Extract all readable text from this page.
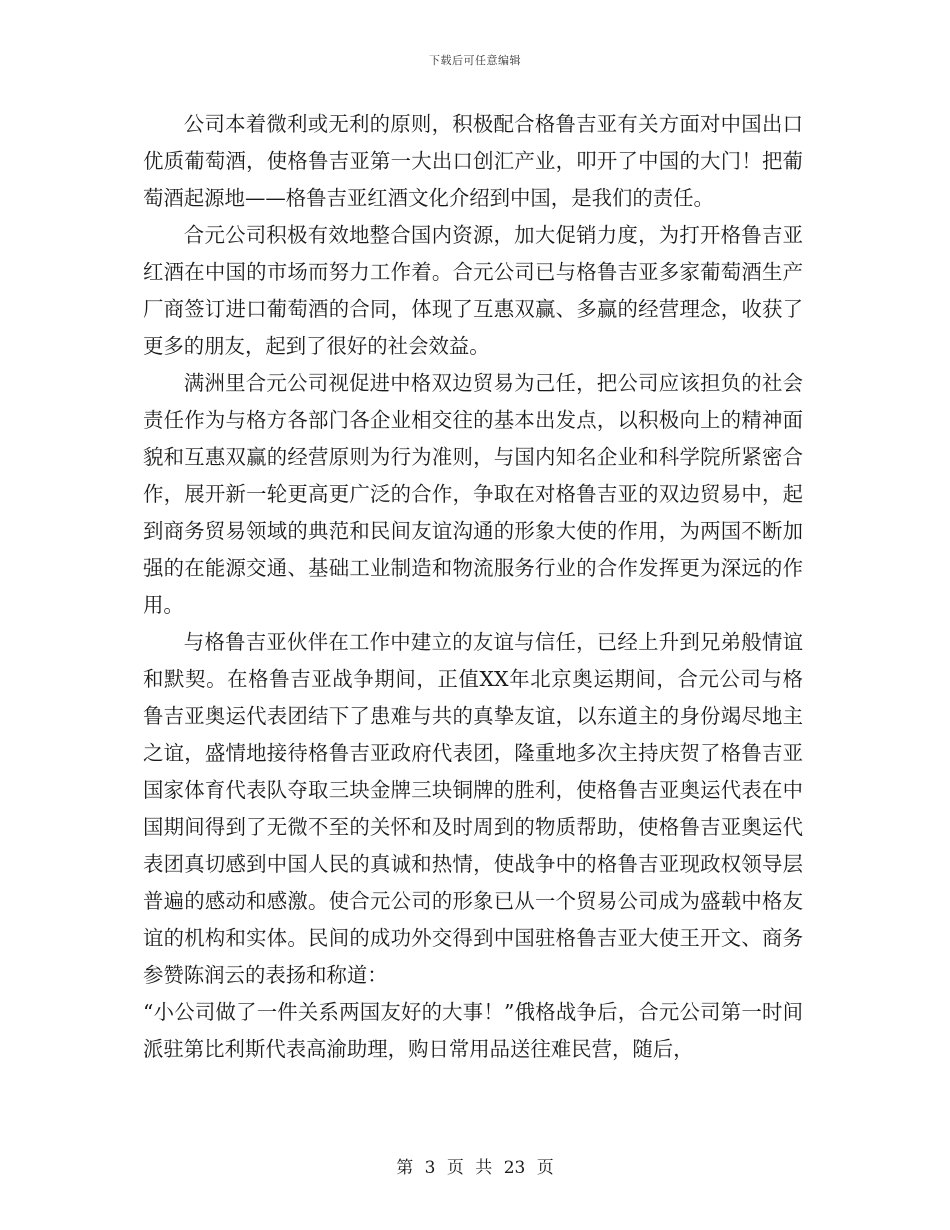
下载后可任意编辑

公司本着微利或无利的原则，积极配合格鲁吉亚有关方面对中国出口优质葡萄酒，使格鲁吉亚第一大出口创汇产业，叩开了中国的大门！把葡萄酒起源地——格鲁吉亚红酒文化介绍到中国，是我们的责任。

合元公司积极有效地整合国内资源，加大促销力度，为打开格鲁吉亚红酒在中国的市场而努力工作着。合元公司已与格鲁吉亚多家葡萄酒生产厂商签订进口葡萄酒的合同，体现了互惠双赢、多赢的经营理念，收获了更多的朋友，起到了很好的社会效益。

满洲里合元公司视促进中格双边贸易为己任，把公司应该担负的社会责任作为与格方各部门各企业相交往的基本出发点，以积极向上的精神面貌和互惠双赢的经营原则为行为准则，与国内知名企业和科学院所紧密合作，展开新一轮更高更广泛的合作，争取在对格鲁吉亚的双边贸易中，起到商务贸易领域的典范和民间友谊沟通的形象大使的作用，为两国不断加强的在能源交通、基础工业制造和物流服务行业的合作发挥更为深远的作用。

与格鲁吉亚伙伴在工作中建立的友谊与信任，已经上升到兄弟般情谊和默契。在格鲁吉亚战争期间，正值XX年北京奥运期间，合元公司与格鲁吉亚奥运代表团结下了患难与共的真挚友谊，以东道主的身份竭尽地主之谊，盛情地接待格鲁吉亚政府代表团，隆重地多次主持庆贺了格鲁吉亚国家体育代表队夺取三块金牌三块铜牌的胜利，使格鲁吉亚奥运代表在中国期间得到了无微不至的关怀和及时周到的物质帮助，使格鲁吉亚奥运代表团真切感到中国人民的真诚和热情，使战争中的格鲁吉亚现政权领导层普遍的感动和感激。使合元公司的形象已从一个贸易公司成为盛载中格友谊的机构和实体。民间的成功外交得到中国驻格鲁吉亚大使王开文、商务参赞陈润云的表扬和称道：

“小公司做了一件关系两国友好的大事！”俄格战争后，合元公司第一时间派驻第比利斯代表高渝助理，购日常用品送往难民营，随后，

第 3 页 共 23 页
